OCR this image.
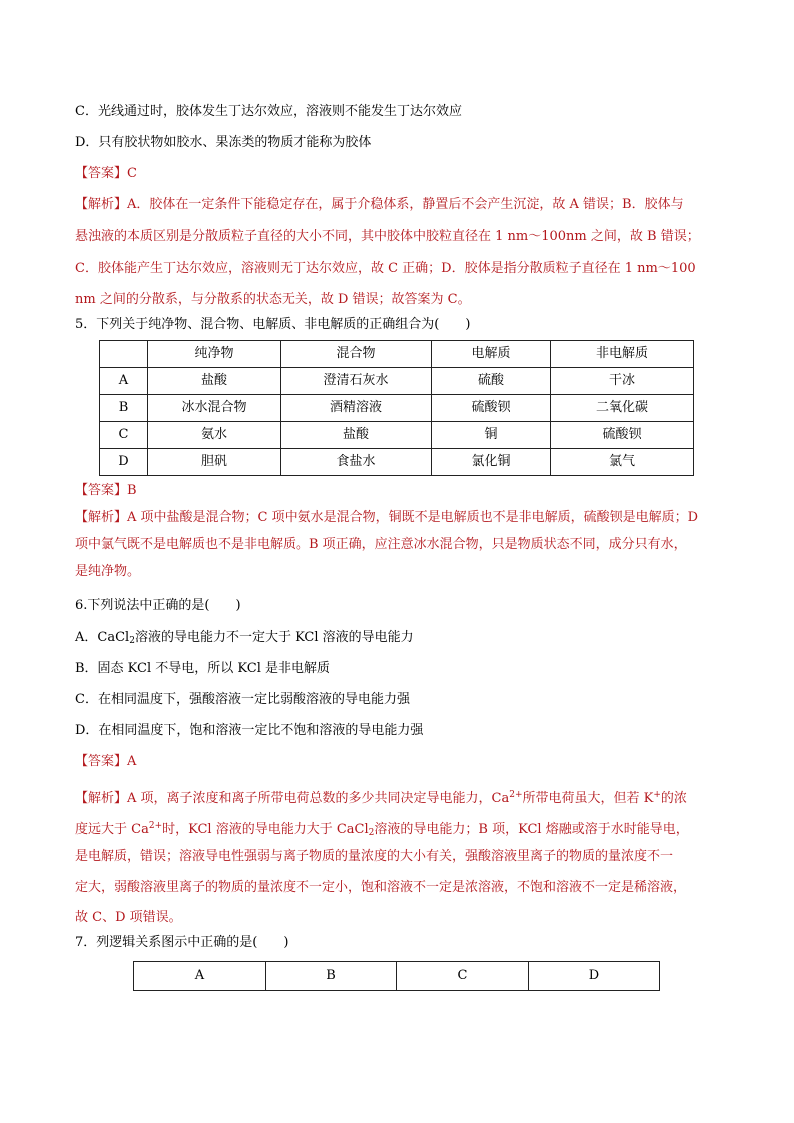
C．光线通过时，胶体发生丁达尔效应，溶液则不能发生丁达尔效应
D．只有胶状物如胶水、果冻类的物质才能称为胶体
【答案】C
【解析】A．胶体在一定条件下能稳定存在，属于介稳体系，静置后不会产生沉淀，故 A 错误；B．胶体与
悬浊液的本质区别是分散质粒子直径的大小不同，其中胶体中胶粒直径在 1 nm～100nm 之间，故 B 错误；
C．胶体能产生丁达尔效应，溶液则无丁达尔效应，故 C 正确；D．胶体是指分散质粒子直径在 1 nm～100
nm 之间的分散系，与分散系的状态无关，故 D 错误；故答案为 C。
5．下列关于纯净物、混合物、电解质、非电解质的正确组合为(　　)
	纯净物	混合物	电解质	非电解质
A	盐酸	澄清石灰水	硫酸	干冰
B	冰水混合物	酒精溶液	硫酸钡	二氧化碳
C	氨水	盐酸	铜	硫酸钡
D	胆矾	食盐水	氯化铜	氯气
【答案】B
【解析】A 项中盐酸是混合物；C 项中氨水是混合物，铜既不是电解质也不是非电解质，硫酸钡是电解质；D
项中氯气既不是电解质也不是非电解质。B 项正确，应注意冰水混合物，只是物质状态不同，成分只有水，
是纯净物。
6.下列说法中正确的是(　　)
A．CaCl$_2$溶液的导电能力不一定大于 KCl 溶液的导电能力
B．固态 KCl 不导电，所以 KCl 是非电解质
C．在相同温度下，强酸溶液一定比弱酸溶液的导电能力强
D．在相同温度下，饱和溶液一定比不饱和溶液的导电能力强
【答案】A
【解析】A 项，离子浓度和离子所带电荷总数的多少共同决定导电能力，$Ca^{2+}$所带电荷虽大，但若 K+的浓
度远大于 $Ca^{2+}$时，KCl 溶液的导电能力大于 CaCl$_2$溶液的导电能力；B 项，KCl 熔融或溶于水时能导电，
是电解质，错误；溶液导电性强弱与离子物质的量浓度的大小有关，强酸溶液里离子的物质的量浓度不一
定大，弱酸溶液里离子的物质的量浓度不一定小，饱和溶液不一定是浓溶液，不饱和溶液不一定是稀溶液，
故 C、D 项错误。
7．列逻辑关系图示中正确的是(　　)
A	B	C	D
